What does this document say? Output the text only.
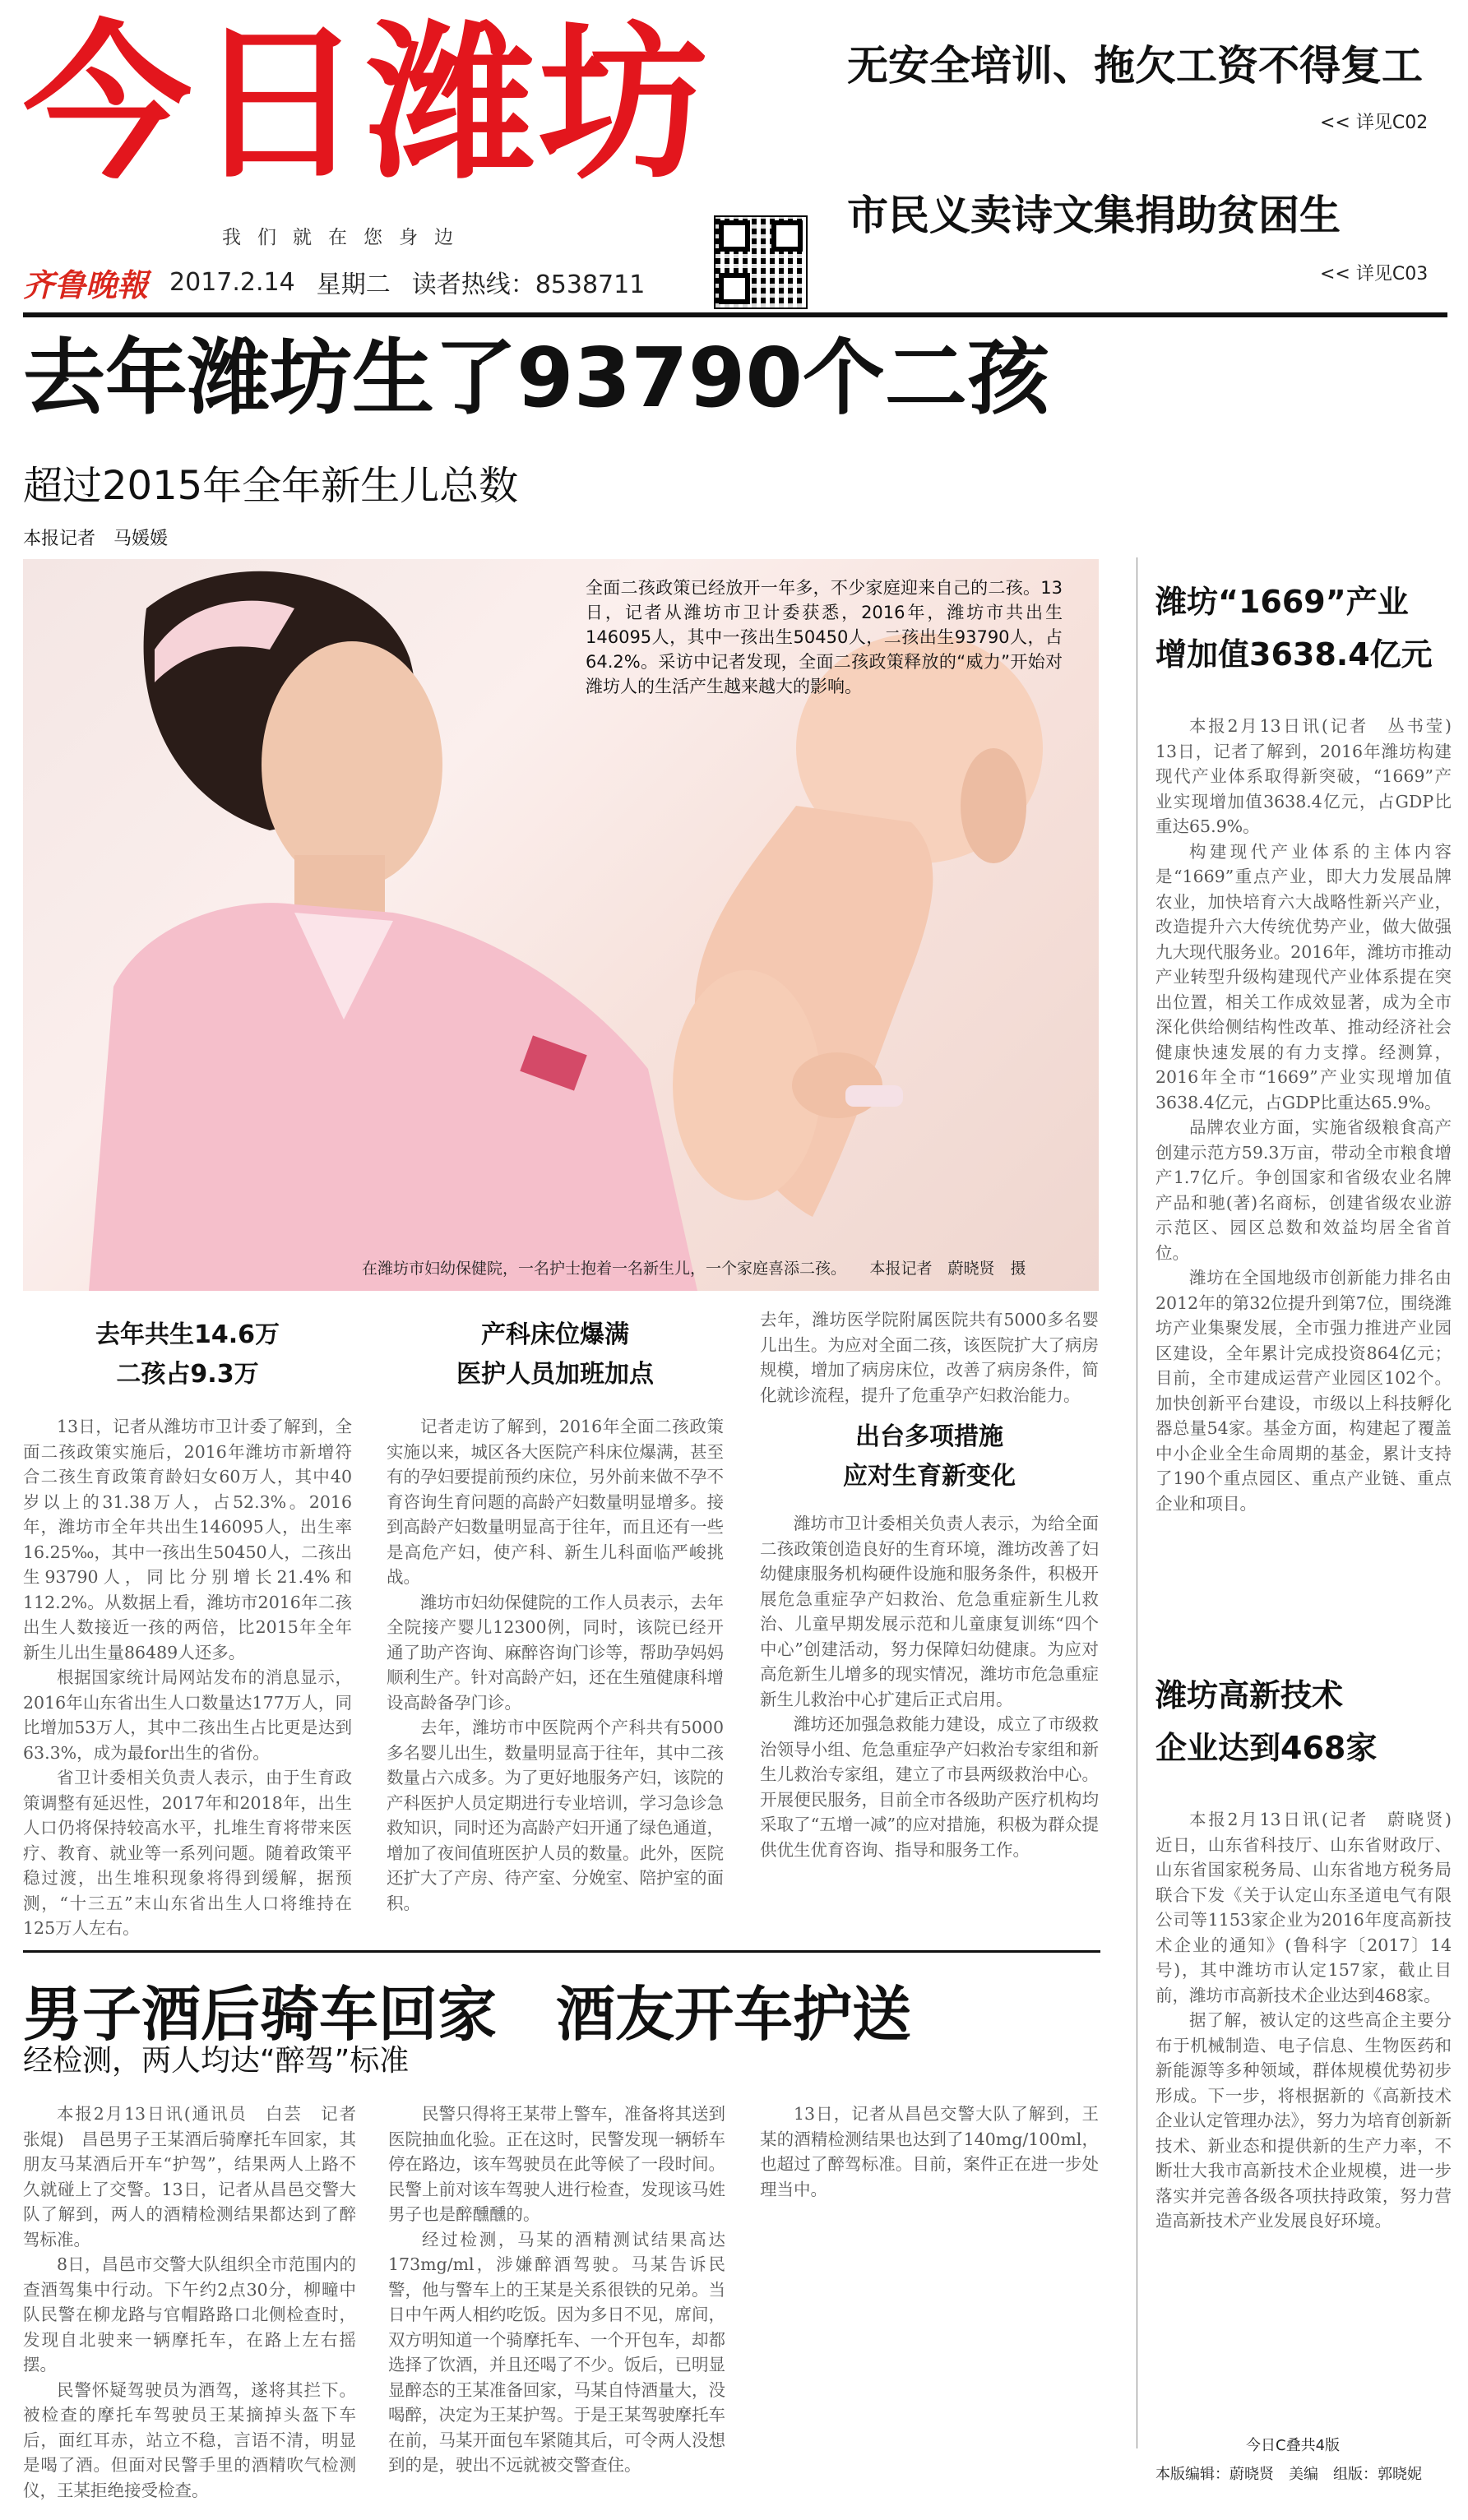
今日潍坊
我们就在您身边
齐鲁晚報 2017.2.14 星期二 读者热线：8538711
无安全培训、拖欠工资不得复工
<< 详见C02
市民义卖诗文集捐助贫困生
<< 详见C03
去年潍坊生了93790个二孩
超过2015年全年新生儿总数
本报记者　马媛媛
全面二孩政策已经放开一年多，不少家庭迎来自己的二孩。13日，记者从潍坊市卫计委获悉，2016年，潍坊市共出生146095人，其中一孩出生50450人，二孩出生93790人，占64.2%。采访中记者发现，全面二孩政策释放的“威力”开始对潍坊人的生活产生越来越大的影响。
在潍坊市妇幼保健院，一名护士抱着一名新生儿，一个家庭喜添二孩。　　本报记者　蔚晓贤　摄
去年共生14.6万
二孩占9.3万

13日，记者从潍坊市卫计委了解到，全面二孩政策实施后，2016年潍坊市新增符合二孩生育政策育龄妇女60万人，其中40岁以上的31.38万人，占52.3%。2016年，潍坊市全年共出生146095人，出生率16.25‰，其中一孩出生50450人，二孩出生93790人，同比分别增长21.4%和112.2%。从数据上看，潍坊市2016年二孩出生人数接近一孩的两倍，比2015年全年新生儿出生量86489人还多。

根据国家统计局网站发布的消息显示，2016年山东省出生人口数量达177万人，同比增加53万人，其中二孩出生占比更是达到63.3%，成为最for出生的省份。

省卫计委相关负责人表示，由于生育政策调整有延迟性，2017年和2018年，出生人口仍将保持较高水平，扎堆生育将带来医疗、教育、就业等一系列问题。随着政策平稳过渡，出生堆积现象将得到缓解，据预测，“十三五”末山东省出生人口将维持在125万人左右。

产科床位爆满
医护人员加班加点

记者走访了解到，2016年全面二孩政策实施以来，城区各大医院产科床位爆满，甚至有的孕妇要提前预约床位，另外前来做不孕不育咨询生育问题的高龄产妇数量明显增多。接到高龄产妇数量明显高于往年，而且还有一些是高危产妇，使产科、新生儿科面临严峻挑战。

潍坊市妇幼保健院的工作人员表示，去年全院接产婴儿12300例，同时，该院已经开通了助产咨询、麻醉咨询门诊等，帮助孕妈妈顺利生产。针对高龄产妇，还在生殖健康科增设高龄备孕门诊。

去年，潍坊市中医院两个产科共有5000多名婴儿出生，数量明显高于往年，其中二孩数量占六成多。为了更好地服务产妇，该院的产科医护人员定期进行专业培训，学习急诊急救知识，同时还为高龄产妇开通了绿色通道，增加了夜间值班医护人员的数量。此外，医院还扩大了产房、待产室、分娩室、陪护室的面积。

去年，潍坊医学院附属医院共有5000多名婴儿出生。为应对全面二孩，该医院扩大了病房规模，增加了病房床位，改善了病房条件，简化就诊流程，提升了危重孕产妇救治能力。

出台多项措施
应对生育新变化

潍坊市卫计委相关负责人表示，为给全面二孩政策创造良好的生育环境，潍坊改善了妇幼健康服务机构硬件设施和服务条件，积极开展危急重症孕产妇救治、危急重症新生儿救治、儿童早期发展示范和儿童康复训练“四个中心”创建活动，努力保障妇幼健康。为应对高危新生儿增多的现实情况，潍坊市危急重症新生儿救治中心扩建后正式启用。

潍坊还加强急救能力建设，成立了市级救治领导小组、危急重症孕产妇救治专家组和新生儿救治专家组，建立了市县两级救治中心。开展便民服务，目前全市各级助产医疗机构均采取了“五增一减”的应对措施，积极为群众提供优生优育咨询、指导和服务工作。

男子酒后骑车回家　酒友开车护送
经检测，两人均达“醉驾”标准

本报2月13日讯(通讯员　白芸　记者　张焜)　昌邑男子王某酒后骑摩托车回家，其朋友马某酒后开车“护驾”，结果两人上路不久就碰上了交警。13日，记者从昌邑交警大队了解到，两人的酒精检测结果都达到了醉驾标准。

8日，昌邑市交警大队组织全市范围内的查酒驾集中行动。下午约2点30分，柳疃中队民警在柳龙路与官帽路路口北侧检查时，发现自北驶来一辆摩托车，在路上左右摇摆。

民警怀疑驾驶员为酒驾，遂将其拦下。被检查的摩托车驾驶员王某摘掉头盔下车后，面红耳赤，站立不稳，言语不清，明显是喝了酒。但面对民警手里的酒精吹气检测仪，王某拒绝接受检查。

民警只得将王某带上警车，准备将其送到医院抽血化验。正在这时，民警发现一辆轿车停在路边，该车驾驶员在此等候了一段时间。民警上前对该车驾驶人进行检查，发现该马姓男子也是醉醺醺的。

经过检测，马某的酒精测试结果高达173mg/ml，涉嫌醉酒驾驶。马某告诉民警，他与警车上的王某是关系很铁的兄弟。当日中午两人相约吃饭。因为多日不见，席间，双方明知道一个骑摩托车、一个开包车，却都选择了饮酒，并且还喝了不少。饭后，已明显显醉态的王某准备回家，马某自恃酒量大，没喝醉，决定为王某护驾。于是王某驾驶摩托车在前，马某开面包车紧随其后，可令两人没想到的是，驶出不远就被交警查住。

13日，记者从昌邑交警大队了解到，王某的酒精检测结果也达到了140mg/100ml，也超过了醉驾标准。目前，案件正在进一步处理当中。

潍坊“1669”产业
增加值3638.4亿元

本报2月13日讯(记者　丛书莹)　13日，记者了解到，2016年潍坊构建现代产业体系取得新突破，“1669”产业实现增加值3638.4亿元，占GDP比重达65.9%。

构建现代产业体系的主体内容是“1669”重点产业，即大力发展品牌农业，加快培育六大战略性新兴产业，改造提升六大传统优势产业，做大做强九大现代服务业。2016年，潍坊市推动产业转型升级构建现代产业体系提在突出位置，相关工作成效显著，成为全市深化供给侧结构性改革、推动经济社会健康快速发展的有力支撑。经测算，2016年全市“1669”产业实现增加值3638.4亿元，占GDP比重达65.9%。

品牌农业方面，实施省级粮食高产创建示范方59.3万亩，带动全市粮食增产1.7亿斤。争创国家和省级农业名牌产品和驰(著)名商标，创建省级农业游示范区、园区总数和效益均居全省首位。

潍坊在全国地级市创新能力排名由2012年的第32位提升到第7位，围绕潍坊产业集聚发展，全市强力推进产业园区建设，全年累计完成投资864亿元；目前，全市建成运营产业园区102个。加快创新平台建设，市级以上科技孵化器总量54家。基金方面，构建起了覆盖中小企业全生命周期的基金，累计支持了190个重点园区、重点产业链、重点企业和项目。

潍坊高新技术
企业达到468家

本报2月13日讯(记者　蔚晓贤)　近日，山东省科技厅、山东省财政厅、山东省国家税务局、山东省地方税务局联合下发《关于认定山东圣道电气有限公司等1153家企业为2016年度高新技术企业的通知》(鲁科字〔2017〕14号)，其中潍坊市认定157家，截止目前，潍坊市高新技术企业达到468家。

据了解，被认定的这些高企主要分布于机械制造、电子信息、生物医药和新能源等多种领域，群体规模优势初步形成。下一步，将根据新的《高新技术企业认定管理办法》，努力为培育创新新技术、新业态和提供新的生产力率，不断壮大我市高新技术企业规模，进一步落实并完善各级各项扶持政策，努力营造高新技术产业发展良好环境。

今日C叠共4版
本版编辑：蔚晓贤　美编　组版：郭晓妮
